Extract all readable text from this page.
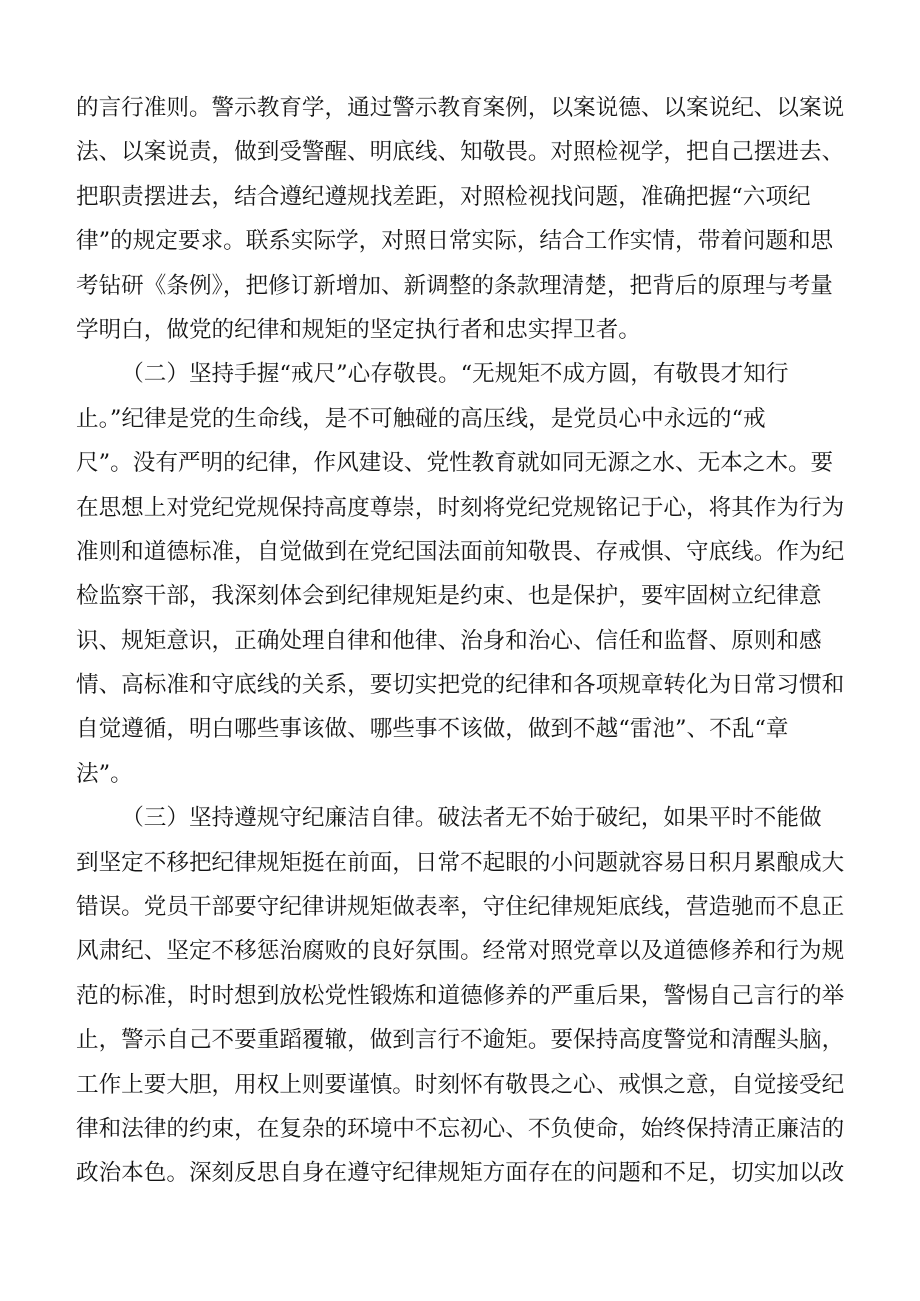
的言行准则。警示教育学，通过警示教育案例，以案说德、以案说纪、以案说
法、以案说责，做到受警醒、明底线、知敬畏。对照检视学，把自己摆进去、
把职责摆进去，结合遵纪遵规找差距，对照检视找问题，准确把握“六项纪
律”的规定要求。联系实际学，对照日常实际，结合工作实情，带着问题和思
考钻研《条例》，把修订新增加、新调整的条款理清楚，把背后的原理与考量
学明白，做党的纪律和规矩的坚定执行者和忠实捍卫者。
（二）坚持手握“戒尺”心存敬畏。“无规矩不成方圆，有敬畏才知行
止。”纪律是党的生命线，是不可触碰的高压线，是党员心中永远的“戒
尺”。没有严明的纪律，作风建设、党性教育就如同无源之水、无本之木。要
在思想上对党纪党规保持高度尊崇，时刻将党纪党规铭记于心，将其作为行为
准则和道德标准，自觉做到在党纪国法面前知敬畏、存戒惧、守底线。作为纪
检监察干部，我深刻体会到纪律规矩是约束、也是保护，要牢固树立纪律意
识、规矩意识，正确处理自律和他律、治身和治心、信任和监督、原则和感
情、高标准和守底线的关系，要切实把党的纪律和各项规章转化为日常习惯和
自觉遵循，明白哪些事该做、哪些事不该做，做到不越“雷池”、不乱“章
法”。
（三）坚持遵规守纪廉洁自律。破法者无不始于破纪，如果平时不能做
到坚定不移把纪律规矩挺在前面，日常不起眼的小问题就容易日积月累酿成大
错误。党员干部要守纪律讲规矩做表率，守住纪律规矩底线，营造驰而不息正
风肃纪、坚定不移惩治腐败的良好氛围。经常对照党章以及道德修养和行为规
范的标准，时时想到放松党性锻炼和道德修养的严重后果，警惕自己言行的举
止，警示自己不要重蹈覆辙，做到言行不逾矩。要保持高度警觉和清醒头脑，
工作上要大胆，用权上则要谨慎。时刻怀有敬畏之心、戒惧之意，自觉接受纪
律和法律的约束，在复杂的环境中不忘初心、不负使命，始终保持清正廉洁的
政治本色。深刻反思自身在遵守纪律规矩方面存在的问题和不足，切实加以改
